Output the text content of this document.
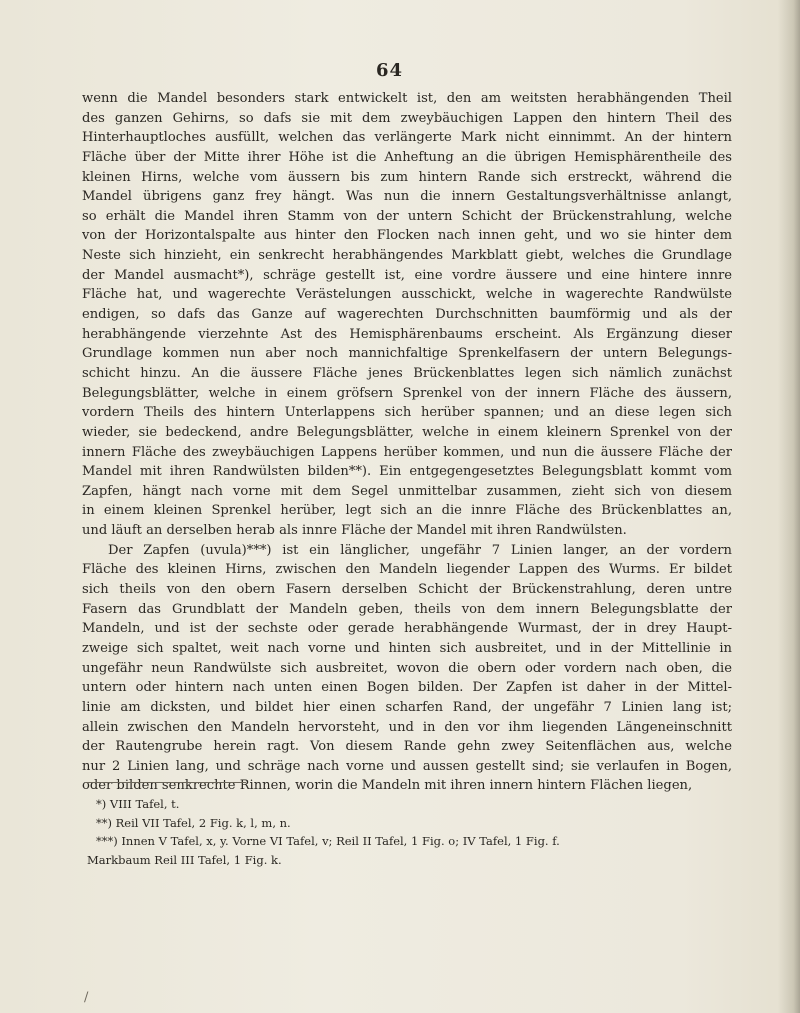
64
wenn die Mandel besonders stark entwickelt ist, den am weitsten herabhängenden Theil
des ganzen Gehirns, so dafs sie mit dem zweybäuchigen Lappen den hintern Theil des
Hinterhauptloches ausfüllt, welchen das verlängerte Mark nicht einnimmt. An der hintern
Fläche über der Mitte ihrer Höhe ist die Anheftung an die übrigen Hemisphärentheile des
kleinen Hirns, welche vom äussern bis zum hintern Rande sich erstreckt, während die
Mandel übrigens ganz frey hängt. Was nun die innern Gestaltungsverhältnisse anlangt,
so erhält die Mandel ihren Stamm von der untern Schicht der Brückenstrahlung, welche
von der Horizontalspalte aus hinter den Flocken nach innen geht, und wo sie hinter dem
Neste sich hinzieht, ein senkrecht herabhängendes Markblatt giebt, welches die Grundlage
der Mandel ausmacht*), schräge gestellt ist, eine vordre äussere und eine hintere innre
Fläche hat, und wagerechte Verästelungen ausschickt, welche in wagerechte Randwülste
endigen, so dafs das Ganze auf wagerechten Durchschnitten baumförmig und als der
herabhängende vierzehnte Ast des Hemisphärenbaums erscheint. Als Ergänzung dieser
Grundlage kommen nun aber noch mannichfaltige Sprenkelfasern der untern Belegungs-
schicht hinzu. An die äussere Fläche jenes Brückenblattes legen sich nämlich zunächst
Belegungsblätter, welche in einem gröfsern Sprenkel von der innern Fläche des äussern,
vordern Theils des hintern Unterlappens sich herüber spannen; und an diese legen sich
wieder, sie bedeckend, andre Belegungsblätter, welche in einem kleinern Sprenkel von der
innern Fläche des zweybäuchigen Lappens herüber kommen, und nun die äussere Fläche der
Mandel mit ihren Randwülsten bilden**). Ein entgegengesetztes Belegungsblatt kommt vom
Zapfen, hängt nach vorne mit dem Segel unmittelbar zusammen, zieht sich von diesem
in einem kleinen Sprenkel herüber, legt sich an die innre Fläche des Brückenblattes an,
und läuft an derselben herab als innre Fläche der Mandel mit ihren Randwülsten.
Der Zapfen (uvula)***) ist ein länglicher, ungefähr 7 Linien langer, an der vordern
Fläche des kleinen Hirns, zwischen den Mandeln liegender Lappen des Wurms. Er bildet
sich theils von den obern Fasern derselben Schicht der Brückenstrahlung, deren untre
Fasern das Grundblatt der Mandeln geben, theils von dem innern Belegungsblatte der
Mandeln, und ist der sechste oder gerade herabhängende Wurmast, der in drey Haupt-
zweige sich spaltet, weit nach vorne und hinten sich ausbreitet, und in der Mittellinie in
ungefähr neun Randwülste sich ausbreitet, wovon die obern oder vordern nach oben, die
untern oder hintern nach unten einen Bogen bilden. Der Zapfen ist daher in der Mittel-
linie am dicksten, und bildet hier einen scharfen Rand, der ungefähr 7 Linien lang ist;
allein zwischen den Mandeln hervorsteht, und in den vor ihm liegenden Längeneinschnitt
der Rautengrube herein ragt. Von diesem Rande gehn zwey Seitenflächen aus, welche
nur 2 Linien lang, und schräge nach vorne und aussen gestellt sind; sie verlaufen in Bogen,
oder bilden senkrechte Rinnen, worin die Mandeln mit ihren innern hintern Flächen liegen,
*) VIII Tafel, t.
**) Reil VII Tafel, 2 Fig. k, l, m, n.
***) Innen V Tafel, x, y. Vorne VI Tafel, v; Reil II Tafel, 1 Fig. o; IV Tafel, 1 Fig. f.
Markbaum Reil III Tafel, 1 Fig. k.
/
